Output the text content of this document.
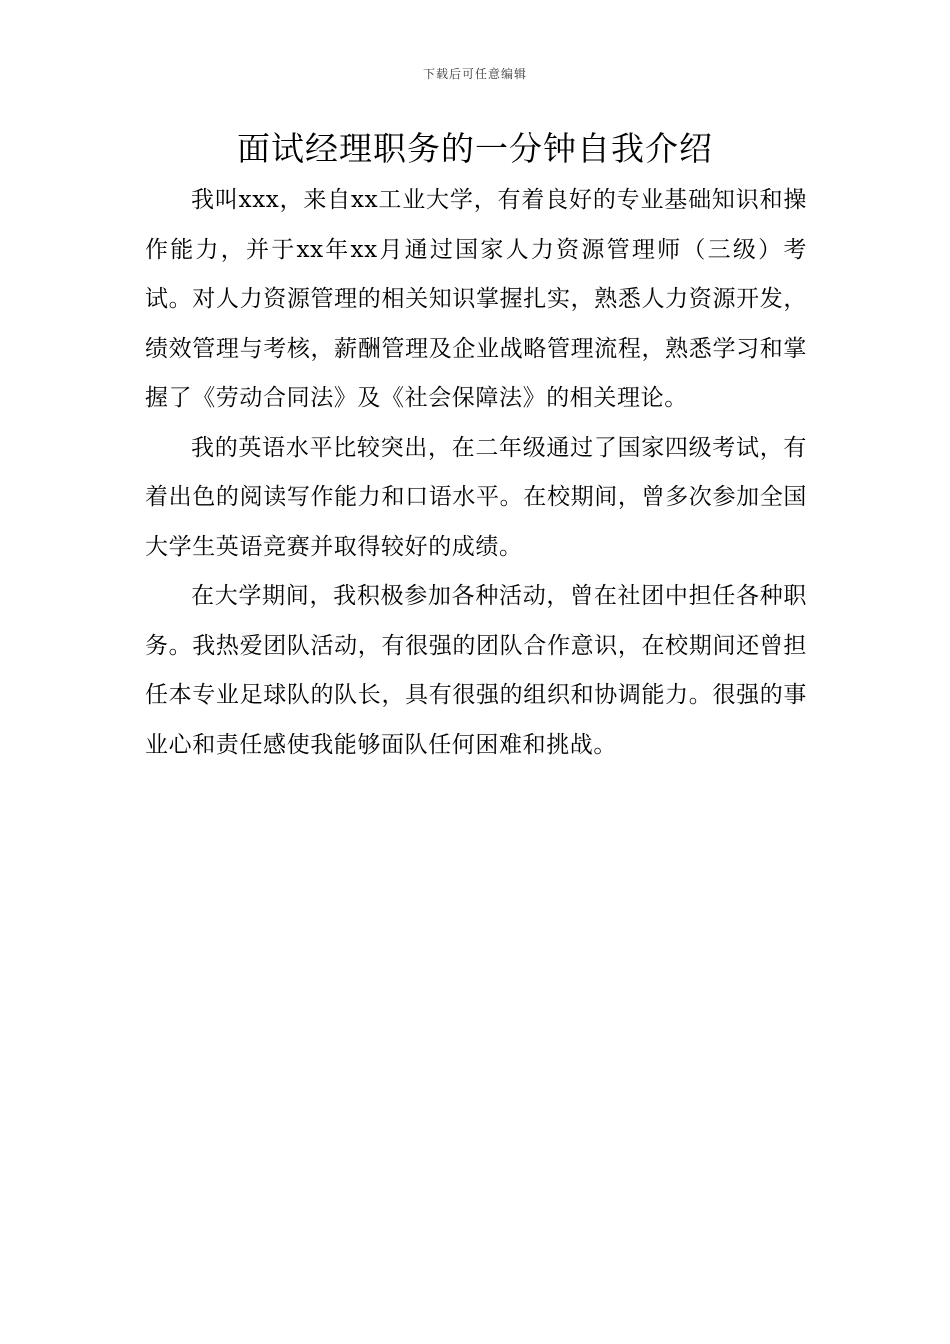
下载后可任意编辑
面试经理职务的一分钟自我介绍

我叫xxx，来自xx工业大学，有着良好的专业基础知识和操作能力，并于xx年xx月通过国家人力资源管理师（三级）考试。对人力资源管理的相关知识掌握扎实，熟悉人力资源开发，绩效管理与考核，薪酬管理及企业战略管理流程，熟悉学习和掌握了《劳动合同法》及《社会保障法》的相关理论。

我的英语水平比较突出，在二年级通过了国家四级考试，有着出色的阅读写作能力和口语水平。在校期间，曾多次参加全国大学生英语竞赛并取得较好的成绩。

在大学期间，我积极参加各种活动，曾在社团中担任各种职务。我热爱团队活动，有很强的团队合作意识，在校期间还曾担任本专业足球队的队长，具有很强的组织和协调能力。很强的事业心和责任感使我能够面队任何困难和挑战。
